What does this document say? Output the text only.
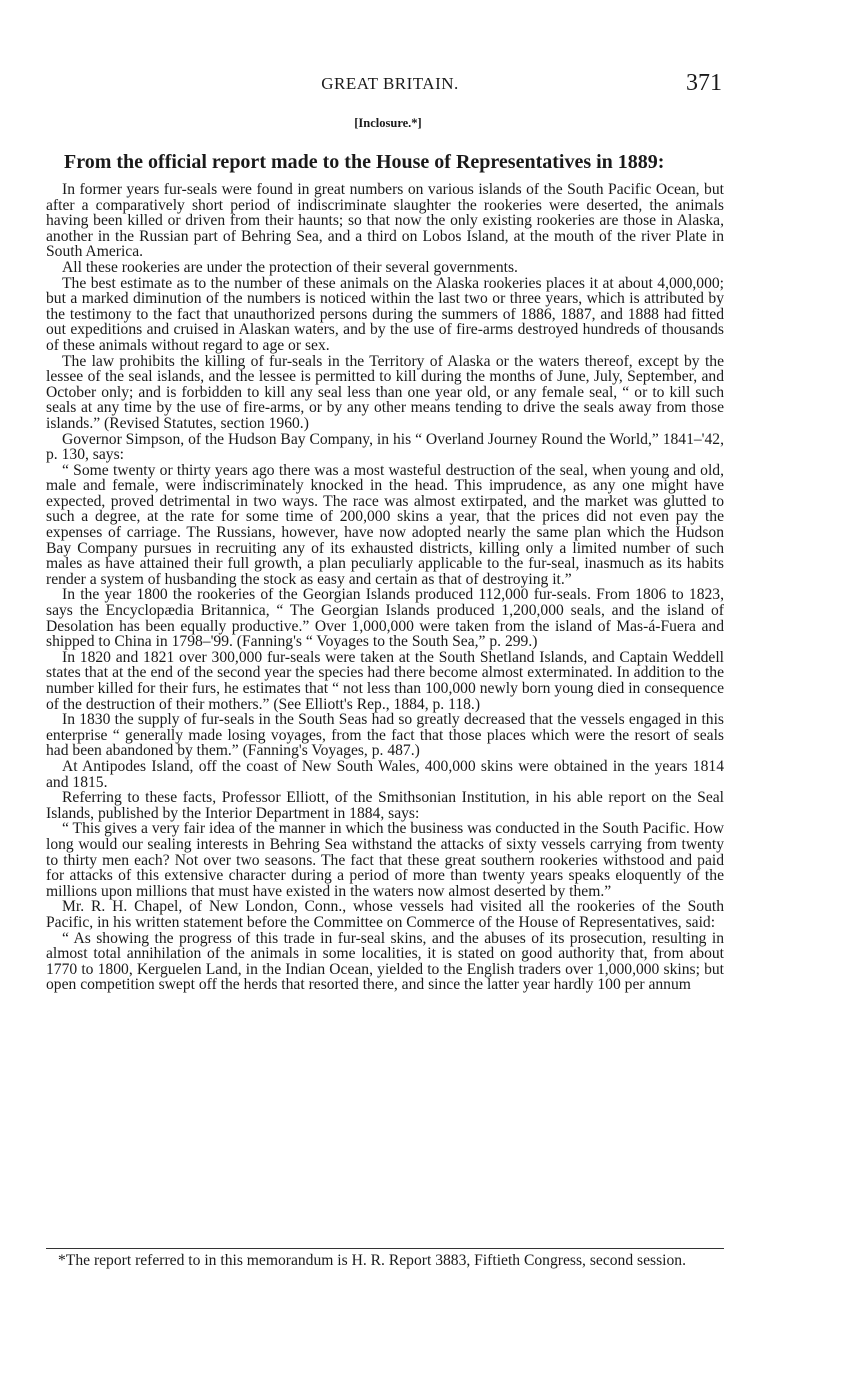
GREAT BRITAIN.	371
[Inclosure.*]
From the official report made to the House of Representatives in 1889:

In former years fur-seals were found in great numbers on various islands of the South Pacific Ocean, but after a comparatively short period of indiscriminate slaughter the rookeries were deserted, the animals having been killed or driven from their haunts; so that now the only existing rookeries are those in Alaska, another in the Russian part of Behring Sea, and a third on Lobos Island, at the mouth of the river Plate in South America.

All these rookeries are under the protection of their several governments.

The best estimate as to the number of these animals on the Alaska rookeries places it at about 4,000,000; but a marked diminution of the numbers is noticed within the last two or three years, which is attributed by the testimony to the fact that unauthorized persons during the summers of 1886, 1887, and 1888 had fitted out expeditions and cruised in Alaskan waters, and by the use of fire-arms destroyed hundreds of thousands of these animals without regard to age or sex.

The law prohibits the killing of fur-seals in the Territory of Alaska or the waters thereof, except by the lessee of the seal islands, and the lessee is permitted to kill during the months of June, July, September, and October only; and is forbidden to kill any seal less than one year old, or any female seal, “ or to kill such seals at any time by the use of fire-arms, or by any other means tending to drive the seals away from those islands.” (Revised Statutes, section 1960.)

Governor Simpson, of the Hudson Bay Company, in his “ Overland Journey Round the World,” 1841–'42, p. 130, says:

“ Some twenty or thirty years ago there was a most wasteful destruction of the seal, when young and old, male and female, were indiscriminately knocked in the head. This imprudence, as any one might have expected, proved detrimental in two ways. The race was almost extirpated, and the market was glutted to such a degree, at the rate for some time of 200,000 skins a year, that the prices did not even pay the expenses of carriage. The Russians, however, have now adopted nearly the same plan which the Hudson Bay Company pursues in recruiting any of its exhausted districts, killing only a limited number of such males as have attained their full growth, a plan peculiarly applicable to the fur-seal, inasmuch as its habits render a system of husbanding the stock as easy and certain as that of destroying it.”

In the year 1800 the rookeries of the Georgian Islands produced 112,000 fur-seals. From 1806 to 1823, says the Encyclopædia Britannica, “ The Georgian Islands produced 1,200,000 seals, and the island of Desolation has been equally productive.” Over 1,000,000 were taken from the island of Mas-á-Fuera and shipped to China in 1798–'99. (Fanning's “ Voyages to the South Sea,” p. 299.)

In 1820 and 1821 over 300,000 fur-seals were taken at the South Shetland Islands, and Captain Weddell states that at the end of the second year the species had there become almost exterminated. In addition to the number killed for their furs, he estimates that “ not less than 100,000 newly born young died in consequence of the destruction of their mothers.” (See Elliott's Rep., 1884, p. 118.)

In 1830 the supply of fur-seals in the South Seas had so greatly decreased that the vessels engaged in this enterprise “ generally made losing voyages, from the fact that those places which were the resort of seals had been abandoned by them.” (Fanning's Voyages, p. 487.)

At Antipodes Island, off the coast of New South Wales, 400,000 skins were obtained in the years 1814 and 1815.

Referring to these facts, Professor Elliott, of the Smithsonian Institution, in his able report on the Seal Islands, published by the Interior Department in 1884, says:

“ This gives a very fair idea of the manner in which the business was conducted in the South Pacific. How long would our sealing interests in Behring Sea withstand the attacks of sixty vessels carrying from twenty to thirty men each? Not over two seasons. The fact that these great southern rookeries withstood and paid for attacks of this extensive character during a period of more than twenty years speaks eloquently of the millions upon millions that must have existed in the waters now almost deserted by them.”

Mr. R. H. Chapel, of New London, Conn., whose vessels had visited all the rookeries of the South Pacific, in his written statement before the Committee on Commerce of the House of Representatives, said:

“ As showing the progress of this trade in fur-seal skins, and the abuses of its prosecution, resulting in almost total annihilation of the animals in some localities, it is stated on good authority that, from about 1770 to 1800, Kerguelen Land, in the Indian Ocean, yielded to the English traders over 1,000,000 skins; but open competition swept off the herds that resorted there, and since the latter year hardly 100 per annum

*The report referred to in this memorandum is H. R. Report 3883, Fiftieth Congress, second session.
